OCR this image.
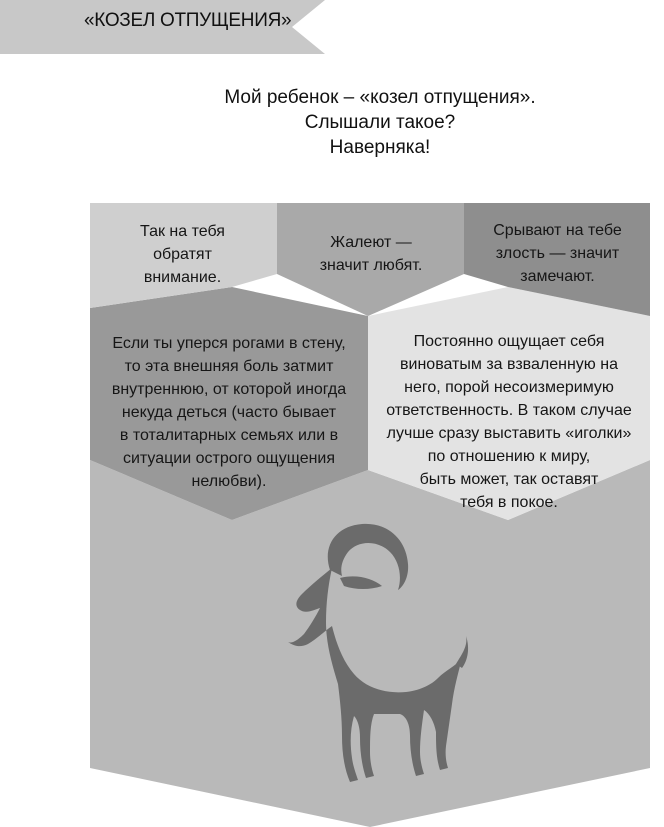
«КОЗЕЛ ОТПУЩЕНИЯ»
Мой ребенок – «козел отпущения».
Слышали такое?
Наверняка!
Так на тебя
обратят
внимание.
Жалеют —
значит любят.
Срывают на тебе
злость — значит
замечают.
Если ты уперся рогами в стену,
то эта внешняя боль затмит
внутреннюю, от которой иногда
некуда деться (часто бывает
в тоталитарных семьях или в
ситуации острого ощущения
нелюбви).
Постоянно ощущает себя
виноватым за взваленную на
него, порой несоизмеримую
ответственность. В таком случае
лучше сразу выставить «иголки»
по отношению к миру,
быть может, так оставят
тебя в покое.
